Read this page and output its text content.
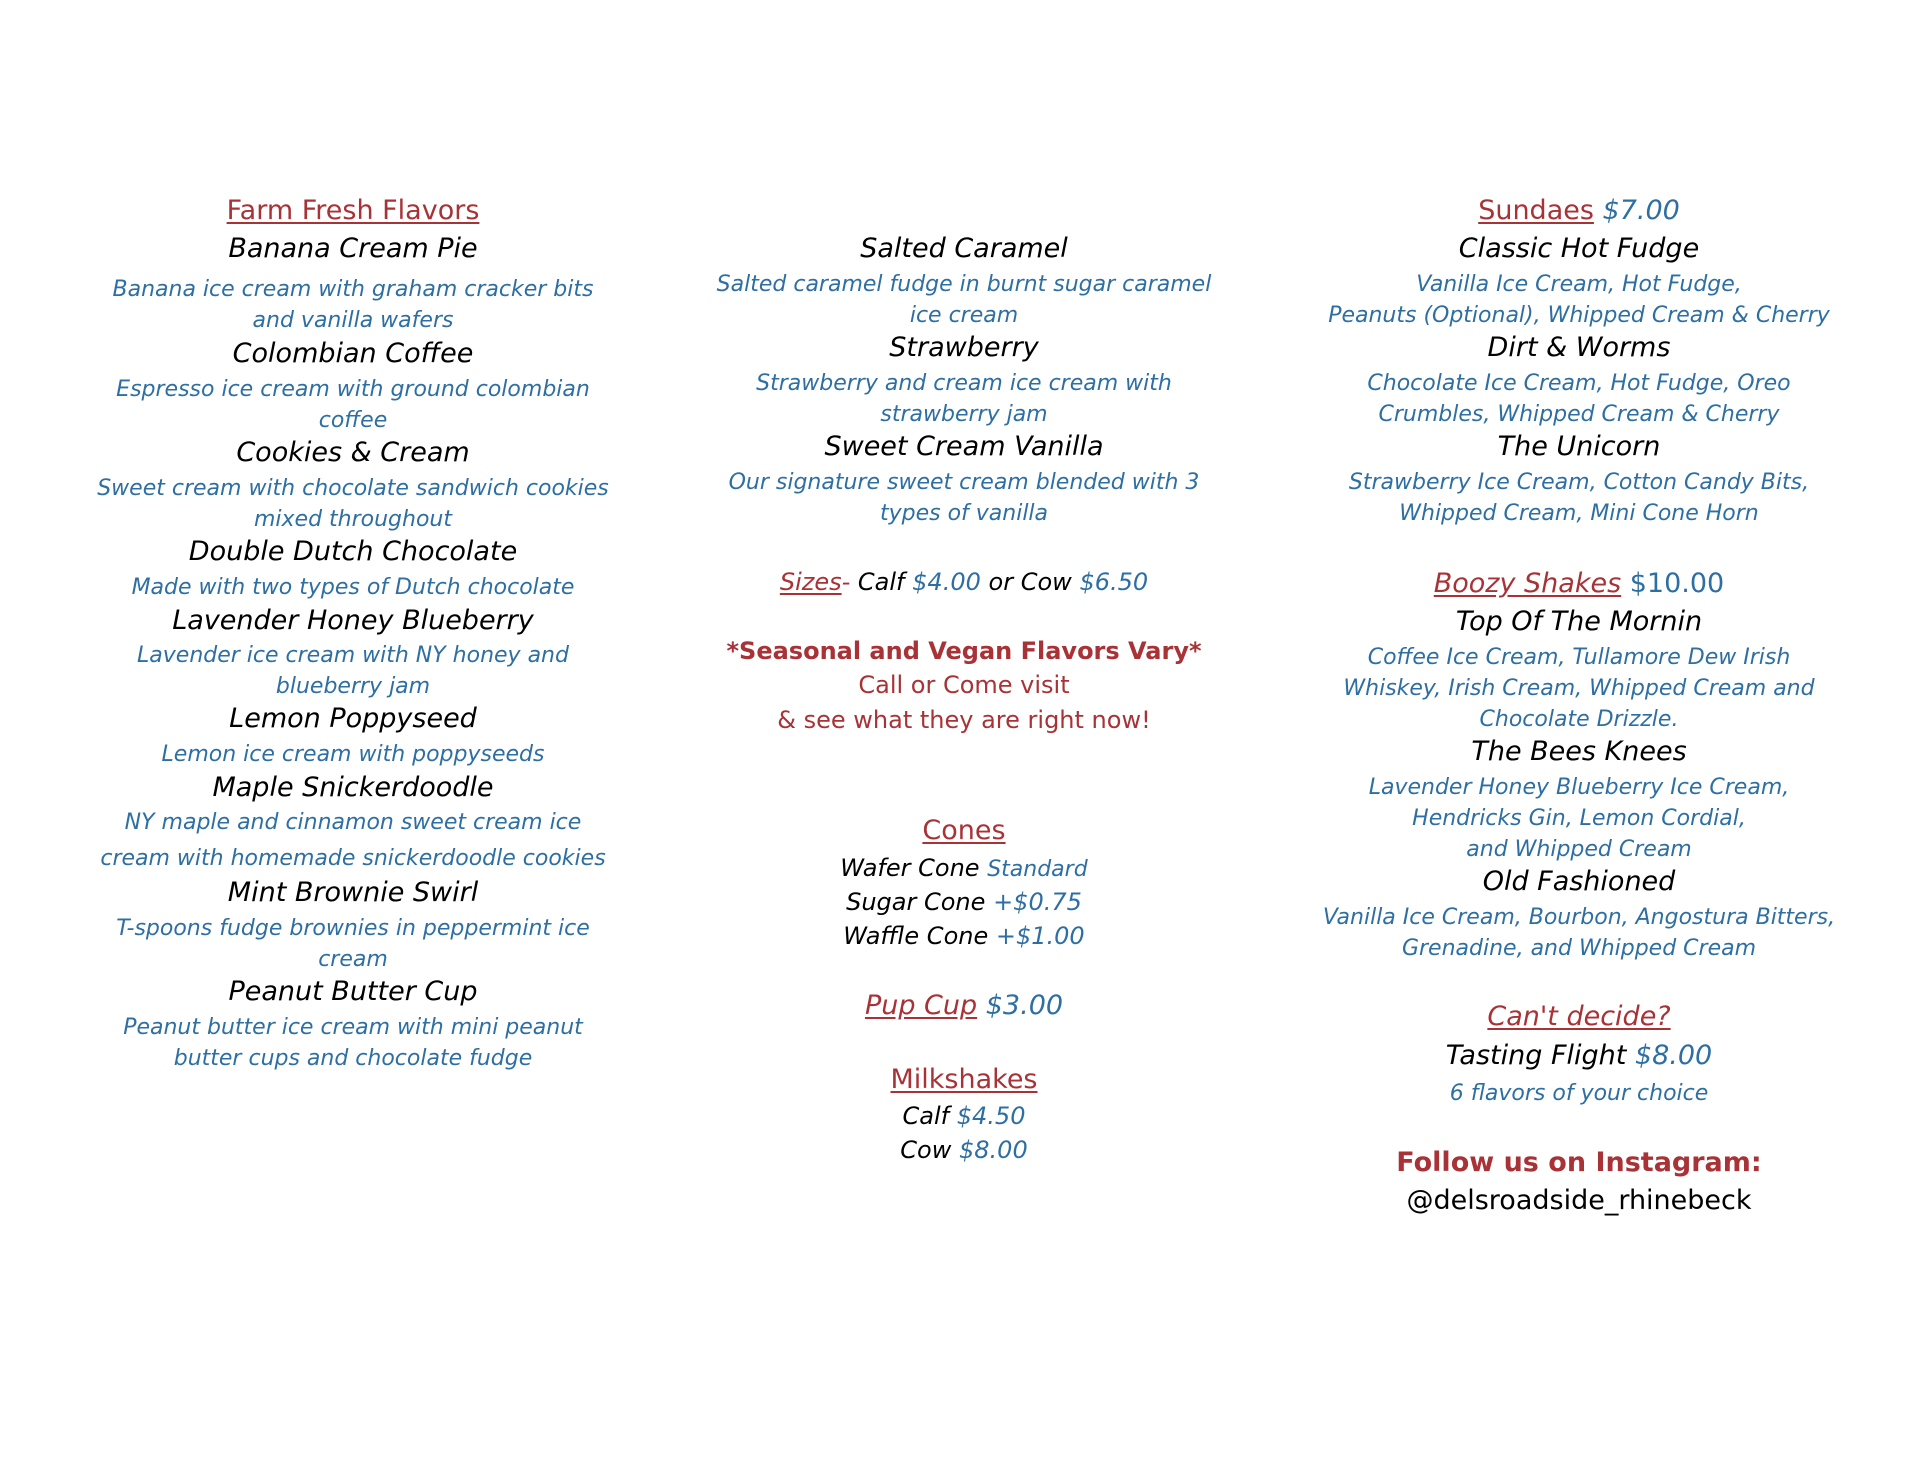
Farm Fresh Flavors
Banana Cream Pie
Banana ice cream with graham cracker bits
and vanilla wafers
Colombian Coffee
Espresso ice cream with ground colombian
coffee
Cookies & Cream
Sweet cream with chocolate sandwich cookies
mixed throughout
Double Dutch Chocolate
Made with two types of Dutch chocolate
Lavender Honey Blueberry
Lavender ice cream with NY honey and
blueberry jam
Lemon Poppyseed
Lemon ice cream with poppyseeds
Maple Snickerdoodle
NY maple and cinnamon sweet cream ice
cream with homemade snickerdoodle cookies
Mint Brownie Swirl
T-spoons fudge brownies in peppermint ice
cream
Peanut Butter Cup
Peanut butter ice cream with mini peanut
butter cups and chocolate fudge
Salted Caramel
Salted caramel fudge in burnt sugar caramel
ice cream
Strawberry
Strawberry and cream ice cream with
strawberry jam
Sweet Cream Vanilla
Our signature sweet cream blended with 3
types of vanilla
Sizes- Calf $4.00 or Cow $6.50
*Seasonal and Vegan Flavors Vary*
Call or Come visit
& see what they are right now!
Cones
Wafer Cone Standard
Sugar Cone +$0.75
Waffle Cone +$1.00
Pup Cup $3.00
Milkshakes
Calf $4.50
Cow $8.00
Sundaes $7.00
Classic Hot Fudge
Vanilla Ice Cream, Hot Fudge,
Peanuts (Optional), Whipped Cream & Cherry
Dirt & Worms
Chocolate Ice Cream, Hot Fudge, Oreo
Crumbles, Whipped Cream & Cherry
The Unicorn
Strawberry Ice Cream, Cotton Candy Bits,
Whipped Cream, Mini Cone Horn
Boozy Shakes $10.00
Top Of The Mornin
Coffee Ice Cream, Tullamore Dew Irish
Whiskey, Irish Cream, Whipped Cream and
Chocolate Drizzle.
The Bees Knees
Lavender Honey Blueberry Ice Cream,
Hendricks Gin, Lemon Cordial,
and Whipped Cream
Old Fashioned
Vanilla Ice Cream, Bourbon, Angostura Bitters,
Grenadine, and Whipped Cream
Can't decide?
Tasting Flight $8.00
6 flavors of your choice
Follow us on Instagram:
@delsroadside_rhinebeck
